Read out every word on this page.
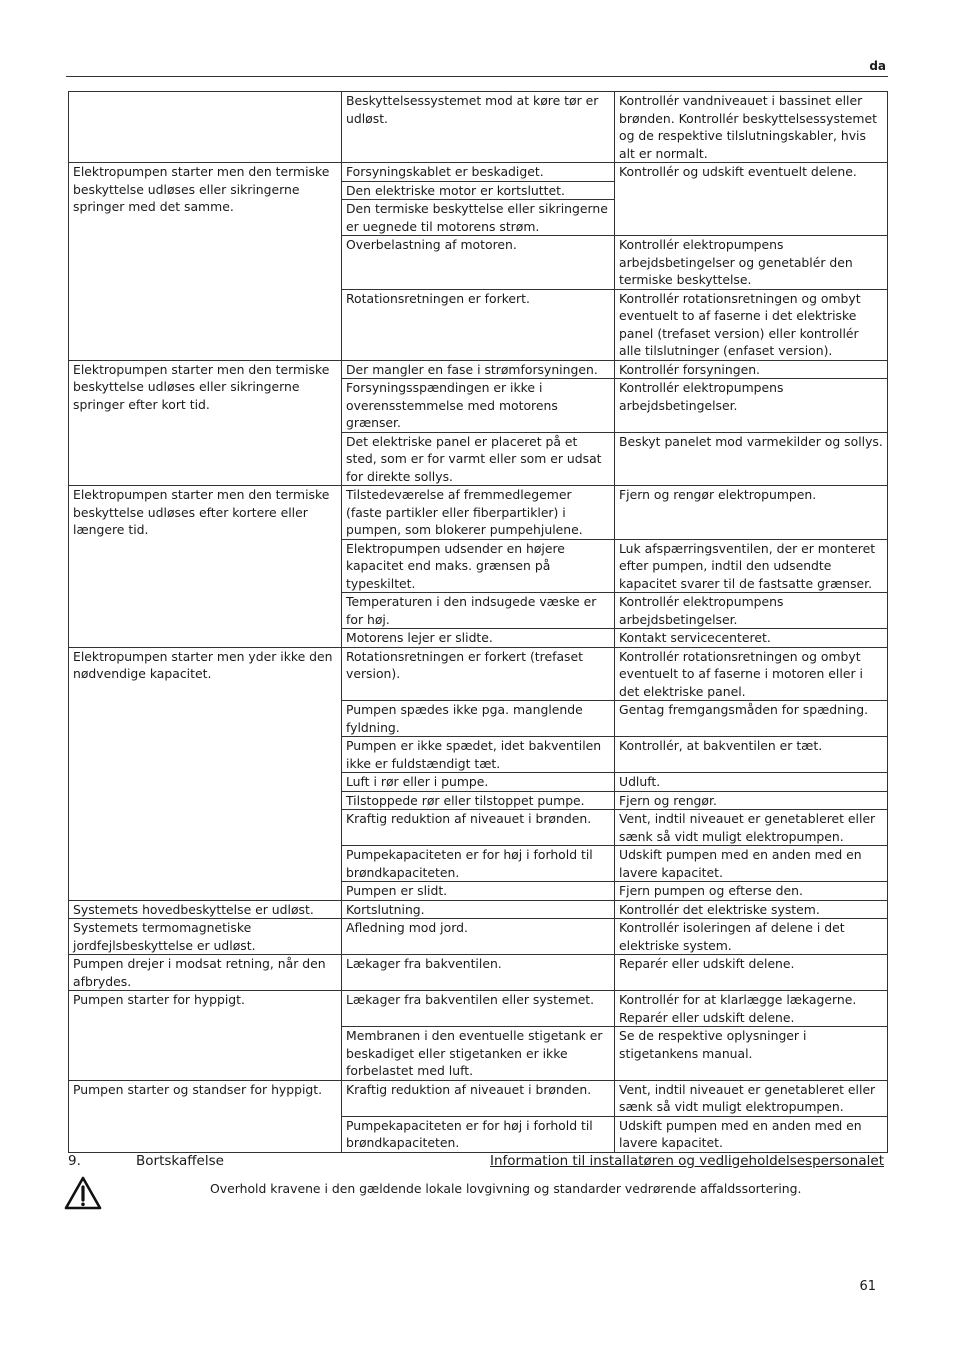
da
	Beskyttelsessystemet mod at køre tør er udløst.	Kontrollér vandniveauet i bassinet eller brønden. Kontrollér beskyttelsessystemet og de respektive tilslutningskabler, hvis alt er normalt.
Elektropumpen starter men den termiske beskyttelse udløses eller sikringerne springer med det samme.	Forsyningskablet er beskadiget.	Kontrollér og udskift eventuelt delene.
	Den elektriske motor er kortsluttet.	
	Den termiske beskyttelse eller sikringerne er uegnede til motorens strøm.	
	Overbelastning af motoren.	Kontrollér elektropumpens arbejdsbetingelser og genetablér den termiske beskyttelse.
	Rotationsretningen er forkert.	Kontrollér rotationsretningen og ombyt eventuelt to af faserne i det elektriske panel (trefaset version) eller kontrollér alle tilslutninger (enfaset version).
Elektropumpen starter men den termiske beskyttelse udløses eller sikringerne springer efter kort tid.	Der mangler en fase i strømforsyningen.	Kontrollér forsyningen.
	Forsyningsspændingen er ikke i overensstemmelse med motorens grænser.	Kontrollér elektropumpens arbejdsbetingelser.
	Det elektriske panel er placeret på et sted, som er for varmt eller som er udsat for direkte sollys.	Beskyt panelet mod varmekilder og sollys.
Elektropumpen starter men den termiske beskyttelse udløses efter kortere eller længere tid.	Tilstedeværelse af fremmedlegemer (faste partikler eller fiberpartikler) i pumpen, som blokerer pumpehjulene.	Fjern og rengør elektropumpen.
	Elektropumpen udsender en højere kapacitet end maks. grænsen på typeskiltet.	Luk afspærringsventilen, der er monteret efter pumpen, indtil den udsendte kapacitet svarer til de fastsatte grænser.
	Temperaturen i den indsugede væske er for høj.	Kontrollér elektropumpens arbejdsbetingelser.
	Motorens lejer er slidte.	Kontakt servicecenteret.
Elektropumpen starter men yder ikke den nødvendige kapacitet.	Rotationsretningen er forkert (trefaset version).	Kontrollér rotationsretningen og ombyt eventuelt to af faserne i motoren eller i det elektriske panel.
	Pumpen spædes ikke pga. manglende fyldning.	Gentag fremgangsmåden for spædning.
	Pumpen er ikke spædet, idet bakventilen ikke er fuldstændigt tæt.	Kontrollér, at bakventilen er tæt.
	Luft i rør eller i pumpe.	Udluft.
	Tilstoppede rør eller tilstoppet pumpe.	Fjern og rengør.
	Kraftig reduktion af niveauet i brønden.	Vent, indtil niveauet er genetableret eller sænk så vidt muligt elektropumpen.
	Pumpekapaciteten er for høj i forhold til brøndkapaciteten.	Udskift pumpen med en anden med en lavere kapacitet.
	Pumpen er slidt.	Fjern pumpen og efterse den.
Systemets hovedbeskyttelse er udløst.	Kortslutning.	Kontrollér det elektriske system.
Systemets termomagnetiske jordfejlsbeskyttelse er udløst.	Afledning mod jord.	Kontrollér isoleringen af delene i det elektriske system.
Pumpen drejer i modsat retning, når den afbrydes.	Lækager fra bakventilen.	Reparér eller udskift delene.
Pumpen starter for hyppigt.	Lækager fra bakventilen eller systemet.	Kontrollér for at klarlægge lækagerne. Reparér eller udskift delene.
	Membranen i den eventuelle stigetank er beskadiget eller stigetanken er ikke forbelastet med luft.	Se de respektive oplysninger i stigetankens manual.
Pumpen starter og standser for hyppigt.	Kraftig reduktion af niveauet i brønden.	Vent, indtil niveauet er genetableret eller sænk så vidt muligt elektropumpen.
	Pumpekapaciteten er for høj i forhold til brøndkapaciteten.	Udskift pumpen med en anden med en lavere kapacitet.
9.	Bortskaffelse	Information til installatøren og vedligeholdelsespersonalet
Overhold kravene i den gældende lokale lovgivning og standarder vedrørende affaldssortering.
61
